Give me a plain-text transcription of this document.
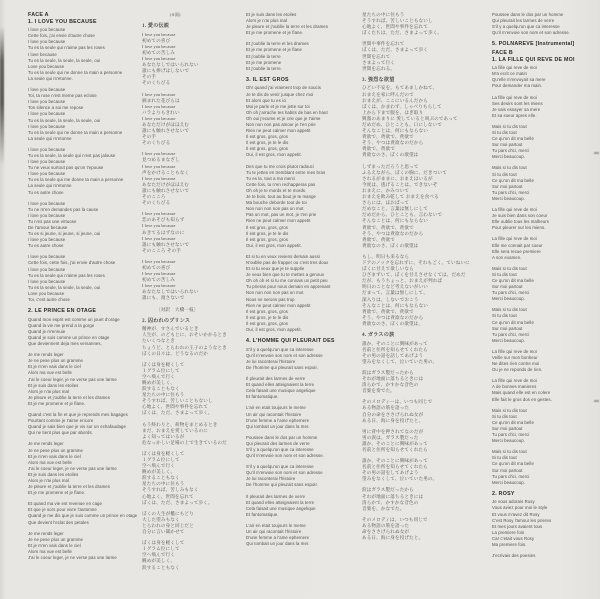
FACE A
1. I LOVE YOU BECAUSE
I love you because
Cette fois, j'ai envie d'autre chose
I love you because
Tu es la seule qui n'aime pas les roses
I love because
Tu es la seule, la seule, la seule, oui
Love you because
Tu es la seule qui ne donne ta main a personne
La seule qui m'etonne.
I love you because
Toi, ta rose n'est meme pas eclose
I love you because
Ton silence a soi me repose
I love you because
Tu es la seule, la seule, la seule, oui
I love you because
Tu es la seule qui ne donne ta main a personne
La seule qui m'etonne
I love you because
Tu es la seule, la seule qui n'est pas jalouse
I love you because
Tu ne veux surtout pas qu'on t'epouse
I love you because
Tu es la seule qui me donne ta main a personne
La seule qui m'etonne
Tu es autre chose
I love you because
Tu ne m'en demandes pas la cause
I love you because
Tu n'es pas une virtuose
De l'amour because
Tu es si jeune, si jeune, si jeune, oui
I love you because
Tu es autre chose
I love you because
Cette fois, cette fois, j'ai envie d'autre chose
I love you because
Tu es la seule qui n'aime pas les roses
I love you because
Tu es la seule, la seule, la seule, oui
Love you because
Toi, c'est autre chose
2. LE PRINCE EN OTAGE
Quand mon esprit est comme un jouet d'orage
Quand la vie me prend a la gorge
Quand je m'ennuie
Quand je suis comme un prince en otage
Que deviennent deja mes versannes,
Je me rends leger
Je ne pese plus un gramme
Et je m'en vais dans le ciel
Alors ma vue est belle
J'ai le coeur leger, je ne verse pas une larme
Et je suis dans les etoiles
Alors je n'ai plus mal
Je pleure et j'oublie la terre et les drames
Et je me promene et je flane.
Quand c'est la fin et que je reprends mes bagages
Pourtant comme je t'aime encore
Quand je sais bien que je vis sur un echafaudage
Qui ne tient plus que par abords.
Je me rends leger
Je ne pese plus un gramme
Et je m'en vais dans le ciel
Alors ma vue est belle
J'ai le coeur leger, je ne verse pas une larme
Et je suis dans les etoiles
Alors je n'ai plus mal
Je pleure et j'oublie la terre et les drames
Et je me promene et je flane.
Et quand ma vie est revenue en cage
Et que je sors pour vivre l'automne
Quand je me dis que je suis comme un prince en otage
Que devient l'eclat des petales
Je me rends leger
Je ne pese plus un gramme
Et je m'en vais dans le ciel
Alors ma vue est belle
J'ai le coeur leger, je ne verse pas une larme
(A面)
1. 愛の伝説
I love you because
初めての喜び
I love you because
初めての苦しみ
I love you because
あなたなしではいられない
誰にも捧げはしないで
その手
そのくちびる
I love you because
摘まれた花びらは
I love you because
バラよりもきれい
I love you because
あなただけがほほえむ
誰にも触れさせないで
その手
そのくちびる
I love you because
見つめるまなざし
I love you because
声をかけることもなく
I love you because
あなただけがほほえむ
誰にも触れさせないで
そのこころ
そのくちびる
I love you because
恋のあそびも知らず
I love you because
あきてるはずなのに
I love you because
誰にも触れさせないで
そのこころ その手
I love you because
初めての喜び
I love you because
初めての苦しみ
I love you because
あなたなしではいられない
誰にも、渡さないで
〔対訳　大橋一枝〕
2. 囚われのプリンス
精神が、すさんでいるとき
人生が、のどもとに、おそいかかるとき
たいくつなとき
ちょうど、とらわれの王子のようなとき
ぼくの日々は、どうなるのだか
ぼくは身を軽くして
１グラム位にして
空へ飛んで行く
眺めが美しく、
涙することもなく
星たちの中に住もう
そうすれば、苦しいこともないし
心地よく、世間や事件を忘れて
ぼくは、ただ、さまよって歩く。
もう終わりと、荷物をまとめるとき
まだ、おまえを愛しているのに
よく知ってはいるが
危なっかしい足場の上で生きているのだ
ぼくは身を軽くして
１グラム位にして
空へ飛んで行く
眺めが美しく、
涙することもなく
星たちの中に住もう
そうすれば、苦しみもなく
心地よく、世間を忘れて
ぼくは、ただ、さまよって歩く。
ぼくの人生が檻にもどり
大した望みもなく
とらわれの身と同じだと
自分に言い聞かせて
ぼくは身を軽くして
１グラム位にして
空へ飛んで行く
眺めが美しく、
涙することもなく
Et je suis dans les etoiles
Alors je n'ai plus mal
Je pleure et j'oublie la terre et les drames
Et je me promene et je flane.
Et j'oublie la terre et les drames
Et je me promene et je flane
Et j'oublie la terre
Et je me promene
Et j'oublie la terre.
3. IL EST GROS
Oh! quand j'ai vraiment trop de soucis
Je te dis de venir jusque chez moi
Et alors que tu es ici
Moi je parle et je me jette sur toi
Oh oh j'arrache tes habits de bas en haut
Oh oui j'ecume et je crie que je t'aime
Non non non pas amour je t'en prie
Rien ne peut calmer mon appetit
Il est gros, gros, gros
Il est gros, je te le dis
Il est gros, gros, gros
Oui, il est gros, mon appetit.
Des que tu me crois plutot radouci
Tu te jettes en tremblant entre mes bras
Tu es la, tout a ma merci
Cette fois, tu n'en rechapperas pas
Oh oh je te mords et te mords
Je te bois, tout au bout je te mange
Ma bouche deborde tout de toi
Non non non non pas un mot
Pas un mot, pas un mot, je t'en prie
Rien ne peut calmer mon appetit
Il est gros, gros, gros
Il est gros, je te le dis
Il est gros, gros, gros
Oui, il est gros, mon appetit.
Et si tu en veux reviens demain aussi
N'oublie pas de frapper ou c'est tres doux
Et si tu veux que je te supplie
Je veux bien que tu te mettes a genoux
Oh oh oh et si tu me connais un petit peu
Tu prieras pour nous demain en apprenant
Non non non non pas un mot
Nous ne serons pas trop
Rien ne peut calmer mon appetit
Il est gros, gros, gros
Il est gros, je te le dis
Il est gros, gros, gros
Oui, il est gros, mon appetit.
4. L'HOMME QUI PLEURAIT DES
S'il y a quelqu'un que ca interesse
Qu'il m'envoie son nom et son adresse
Je lui raconterai l'histoire
De l'homme qui pleurait sans espoir.
Il pleurait des larmes de verre
Et quand elles atteignaient la terre
Cela faisait une musique angelique
Et fantomatique.
L'air en etait toujours le meme
Un air qui racontait l'histoire
D'une femme a l'ame ephemere
Qui tombait un jour dans la mer.
Poussee dans le dos par un homme
Qui pleurait des larmes de verre
S'il y a quelqu'un que ca interesse
Qu'il m'envoie son nom et son adresse.
S'il y a quelqu'un que ca interesse
Qu'il m'envoie son nom et son adresse
Je lui raconterai l'histoire
De l'homme qui pleurait sans espoir.
Il pleurait des larmes de verre
Et quand elles atteignaient la terre
Cela faisait une musique angelique
Et fantomatique.
L'air en etait toujours le meme
Un air qui racontait l'histoire
D'une femme a l'ame ephemere
Qui tombait un jour dans la mer.
星たちの中に住もう
そうすれば、苦しいこともないし
心地よく、世間や事件を忘れて
ぼくたちは、ただ、さまよって歩く。
世間や事件を忘れて
ぼくは、ただ、さまよって歩く
世間を忘れて
さまよって行く
世間を忘れる。
3. 強烈な欲望
ひどい不安を、もてあましかねて、
おまえを家に呼んだので
おまえが、ここにいるんだから
ぼくは、かまわず、しゃべりもらして
上から下まで服を、はぎ取り
興奮のあまりに 愛していると叫ぶのであって
だめだめ、ひとことも、口にしないで
そんなことは、何にもならない
貪欲で、貪欲で、貪欲で
そう、やつは貪欲なのだから
貪欲で、貪欲で
貪欲なのさ、ぼくの欲望は
しずまっただろうと思って
ふるえながら、ぼくの胸に、だきついて
されるがままに、おまえはいるが
今度は、逃げることは、できないぞ
おまえに、かみついて
おまえを飲み乾して おまえを食べる
さらには、ほおばって
だめなこと、言葉は無しにして
だめだから、ひとことも、言わないで
そんなことは、何にもならない
貪欲で、貪欲で、貪欲で
そう、やつは貪欲なのだから
貪欲で、貪欲で
貪欲なのさ、ぼくの欲望は
もし、明日も来るなら
ドアのノックを忘れずに、それもごく、ていねいに
ぼくに甘えて欲しいなら
ひざまずいて、ぼくを甘えさせなくては、だめだ
だが、もうちょっと、おまえが判れば
明日のことなど考えないがいい
だまって、言葉は無しにして、
深入りは、しないでおこう
そんなことは、何にもならない
貪欲で、貪欲で、貪欲で
そう、やつは貪欲なのだから
貪欲なのさ、ぼくの欲望は、
4. ガラスの涙
誰か、そのことに興味があって
名前と住所を知らせてくれたら
その男の話を話してあげよう
望みをなくして、泣いていた男の、
涙はガラス製だったから
それが地面に落ちるときには
清らかで、かすかな音色の
音楽を奏でた。
そのメロディーは、いつも同じで
ある物語の筋を語った
自分の命をささげられぬ女が
ある日、海に身を投げたと。
男に背中を押されてなのだが
男の涙は、ガラス製だった
誰か、そのことに興味があって
名前と住所を知らせてくれたら
誰か、そのことに興味があって
名前と住所を知らせてくれたら
その男の話をしてあげよう
望みをなくして、泣いていた男の、
涙はガラス製だったから
それが地面に落ちるときには
清らかで、かすかな音色の
音楽を、かなでた。
そのメロディは、いつも同じで
ある物語の筋を語った
命をささげられぬ女が
ある日、海に身を投げたと。
Poussee dans le dos par un homme
Qui pleurait les larmes de verre
S'il y a quelqu'un que ca interesse
Qu'il m'envoie son nom et son adresse.
5. POLNAREVE [Instrumental]
FACE B
1. LA FILLE QUI REVE DE MOI
La fille qui reve de moi
M'a ecrit ce matin
Qu'elle m'envoyait sa mere
Pour demander ma main.
La fille qui reve de moi
Ses desirs sont les miens
Je vais essayer sa mere
Et sa soeur apres elle.
Mais si tu dis tout
Si tu dis tout
Ce qu'on dit ma belle
Sur moi partout
Tu pars d'ici, merci
Merci beaucoup.
Mais si tu dis tout
Si tu dis tout
Ce qu'on dit ma belle
Sur moi partout
Tu pars d'ici, merci
Merci beaucoup.
La fille qui reve de moi
Je suis bien dans son coeur
Elle oublie tous les malheurs
Pour pleurer sur les miens.
La fille qui reve de moi
Elle me connait par coeur
Elle sera recue premiere
A son examen.
Mais si tu dis tout
Si tu dis tout
Ce qu'on dit ma belle
Sur moi partout
Tu pars d'ici, merci
Merci beaucoup.
Mais si tu dis tout
Si tu dis tout
Ce qu'on dit ma belle
Sur moi partout
Tu pars d'ici, merci
Merci beaucoup.
La fille qui reve de moi
Veille sur mon bonheur
Ne dites rien contre moi
Ou je ne reponds de rien.
La fille qui reve de moi
A de bonnes manieres
Mais quand elle est en colere
Elle fait le gros dos en gestes.
Mais si tu dis tout
Si tu dis tout
Ce qu'on dit ma belle
Sur moi partout
Tu pars d'ici, merci
Merci beaucoup.
Mais si tu dis tout
Si tu dis tout
Ce qu'on dit ma belle
Sur moi partout
Tu pars d'ici, merci
Merci beaucoup.
2. ROSY
Je vous adorais Rosy
Vous aviez pour moi le style
Et vous m'avez dit Rosy
C'est Rosy l'amour les prieres
Et mes jours avaient tous
La premiere fois
Car c'etait vous Rosy
Ma premiere fois.
J'ecrivais des poesies
